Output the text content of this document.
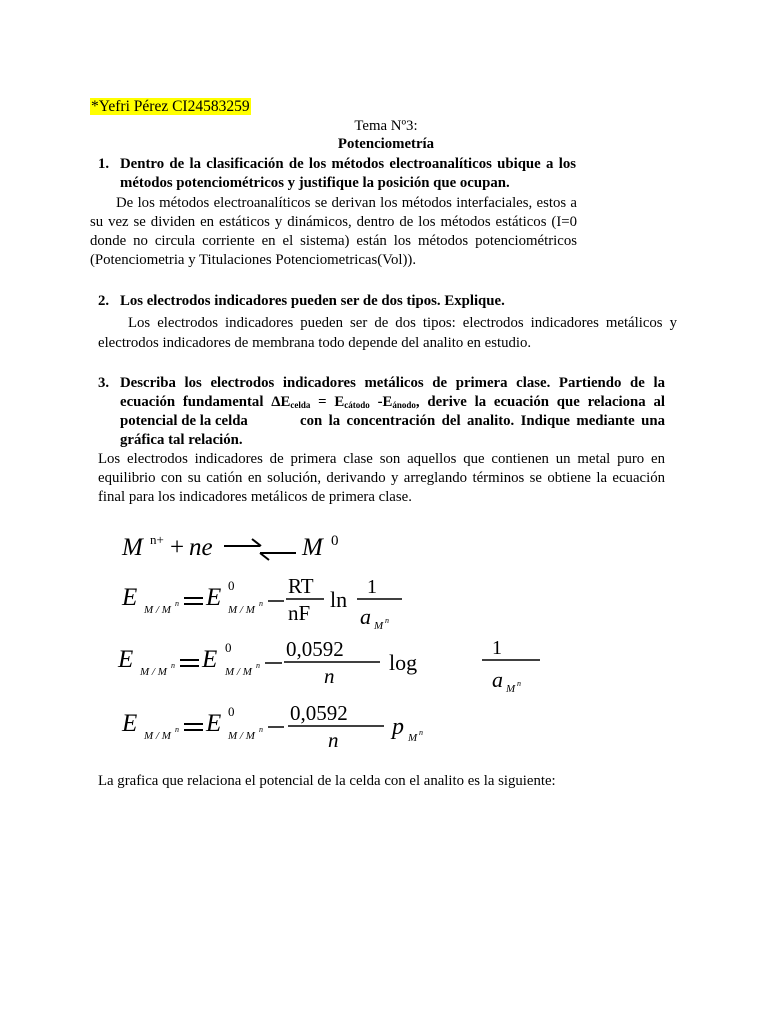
*Yefri Pérez CI24583259
Tema Nº3:
Potenciometría
1. Dentro de la clasificación de los métodos electroanalíticos ubique a los métodos potenciométricos y justifique la posición que ocupan.
De los métodos electroanalíticos se derivan los métodos interfaciales, estos a su vez se dividen en estáticos y dinámicos, dentro de los métodos estáticos (I=0 donde no circula corriente en el sistema) están los métodos potenciométricos (Potenciometria y Titulaciones Potenciometricas(Vol)).
2. Los electrodos indicadores pueden ser de dos tipos. Explique.
Los electrodos indicadores pueden ser de dos tipos: electrodos indicadores metálicos y electrodos indicadores de membrana todo depende del analito en estudio.
3. Describa los electrodos indicadores metálicos de primera clase. Partiendo de la
ecuación fundamental $\Delta E_{celda} = E_{cátodo}$ $-E_{ánodo}$, derive la ecuación que relaciona al
potencial de la celda	con la concentración del analito. Indique mediante una
gráfica tal relación.
Los electrodos indicadores de primera clase son aquellos que contienen un metal puro en equilibrio con su catión en solución, derivando y arreglando términos se obtiene la ecuación final para los indicadores metálicos de primera clase.
M n+ + ne	M 0
E M / M
n E 0
M / M
n
RT
nF
ln 1
a M n
E M / M
n E 0
M / M
n
0,0592
n
log
1
a M n
E M / M
n E 0
M / M
n
0,0592
n p M n
La grafica que relaciona el potencial de la celda con el analito es la siguiente:
